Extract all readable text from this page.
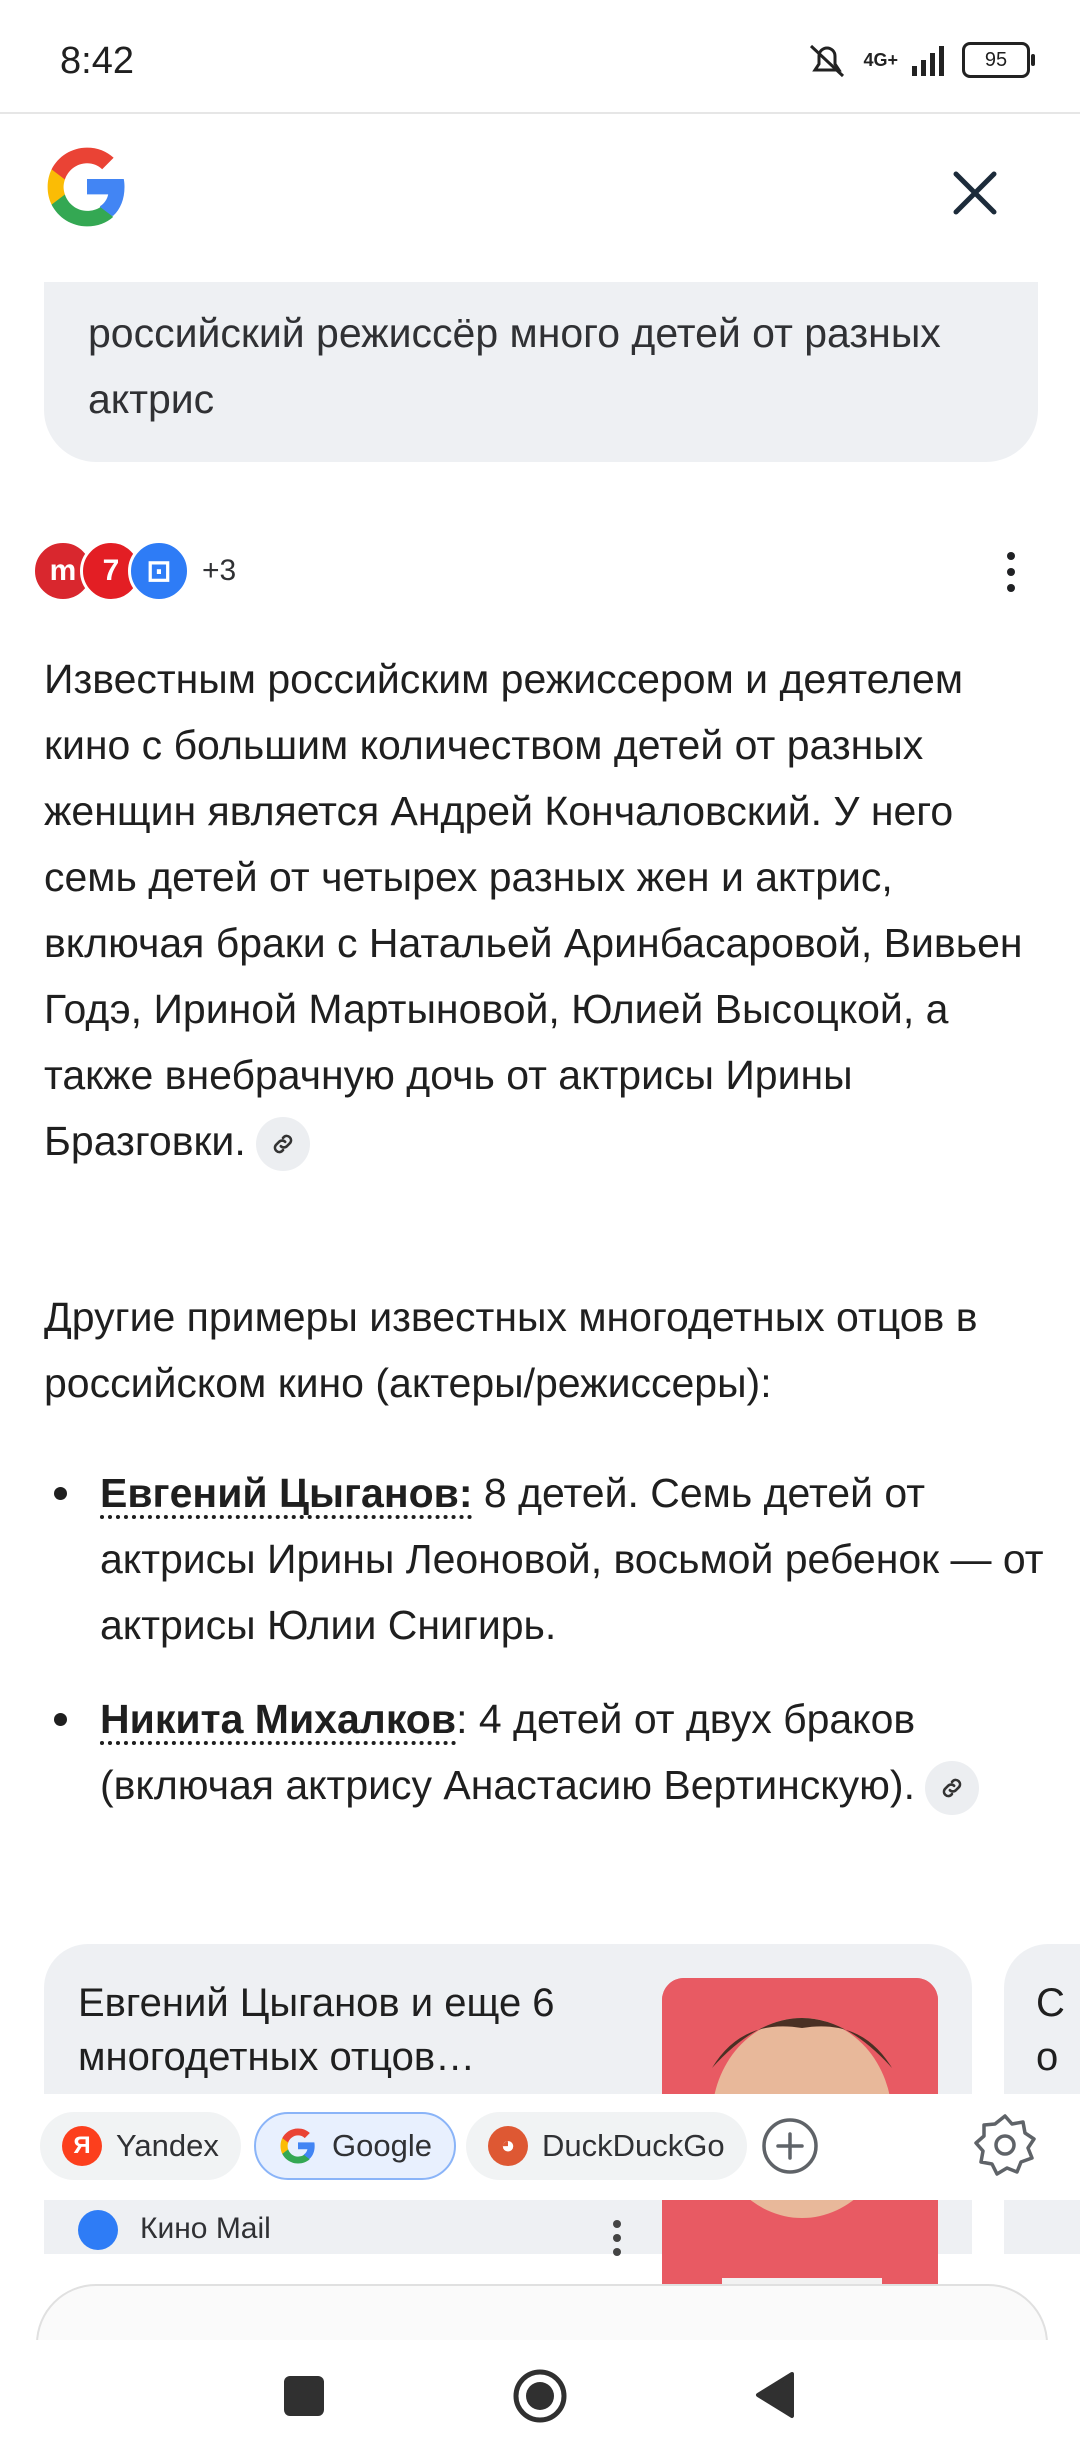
8:42	4G+	95
российский режиссёр много детей от разных актрис
m 7 ⊡	+3
Известным российским режиссером и деятелем кино с большим количеством детей от разных женщин является Андрей Кончаловский. У него семь детей от четырех разных жен и актрис, включая браки с Натальей Аринбасаровой, Вивьен Годэ, Ириной Мартыновой, Юлией Высоцкой, а также внебрачную дочь от актрисы Ирины Бразговки.
Другие примеры известных многодетных отцов в российском кино (актеры/режиссеры):
Евгений Цыганов: 8 детей. Семь детей от актрисы Ирины Леоновой, восьмой ребенок — от актрисы Юлии Снигирь.
Никита Михалков: 4 детей от двух браков (включая актрису Анастасию Вертинскую).
Евгений Цыганов и еще 6 многодетных отцов…
Со
Я Yandex	Google	◕ DuckDuckGo
Кино Mail
